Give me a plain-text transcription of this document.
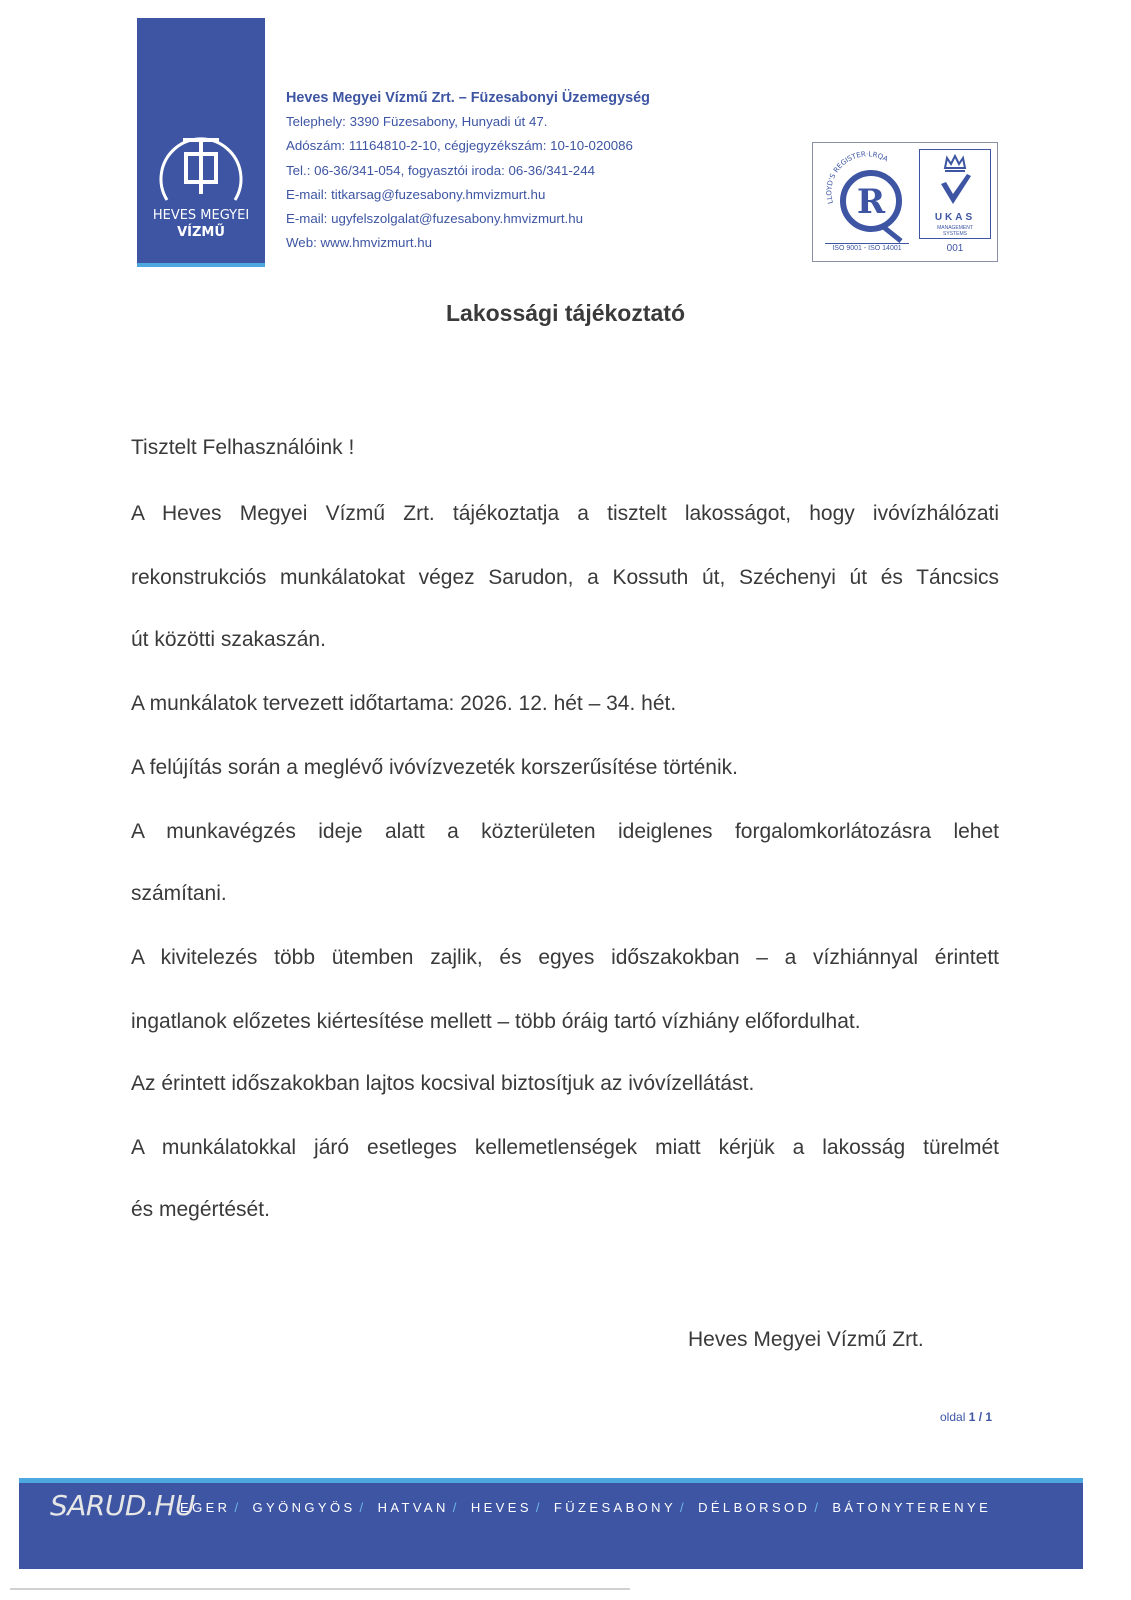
HEVES MEGYEI
VÍZMŰ
Heves Megyei Vízmű Zrt. – Füzesabonyi Üzemegység
Telephely: 3390 Füzesabony, Hunyadi út 47.
Adószám: 11164810-2-10, cégjegyzékszám: 10-10-020086
Tel.: 06-36/341-054, fogyasztói iroda: 06-36/341-244
E-mail: titkarsag@fuzesabony.hmvizmurt.hu
E-mail: ugyfelszolgalat@fuzesabony.hmvizmurt.hu
Web: www.hmvizmurt.hu
LLOYD'S REGISTER·LRQA
R
ISO 9001 - ISO 14001
UKAS
MANAGEMENT
SYSTEMS
001
Lakossági tájékoztató
Tisztelt Felhasználóink !
A Heves Megyei Vízmű Zrt. tájékoztatja a tisztelt lakosságot, hogy ivóvízhálózati
rekonstrukciós munkálatokat végez Sarudon, a Kossuth út, Széchenyi út és Táncsics
út közötti szakaszán.
A munkálatok tervezett időtartama: 2026. 12. hét – 34. hét.
A felújítás során a meglévő ivóvízvezeték korszerűsítése történik.
A munkavégzés ideje alatt a közterületen ideiglenes forgalomkorlátozásra lehet
számítani.
A kivitelezés több ütemben zajlik, és egyes időszakokban – a vízhiánnyal érintett
ingatlanok előzetes kiértesítése mellett – több óráig tartó vízhiány előfordulhat.
Az érintett időszakokban lajtos kocsival biztosítjuk az ivóvízellátást.
A munkálatokkal járó esetleges kellemetlenségek miatt kérjük a lakosság türelmét
és megértését.
Heves Megyei Vízmű Zrt.
oldal 1 / 1
EGER / GYÖNGYÖS / HATVAN / HEVES / FÜZESABONY / DÉLBORSOD / BÁTONYTERENYE
SARUD.HU
